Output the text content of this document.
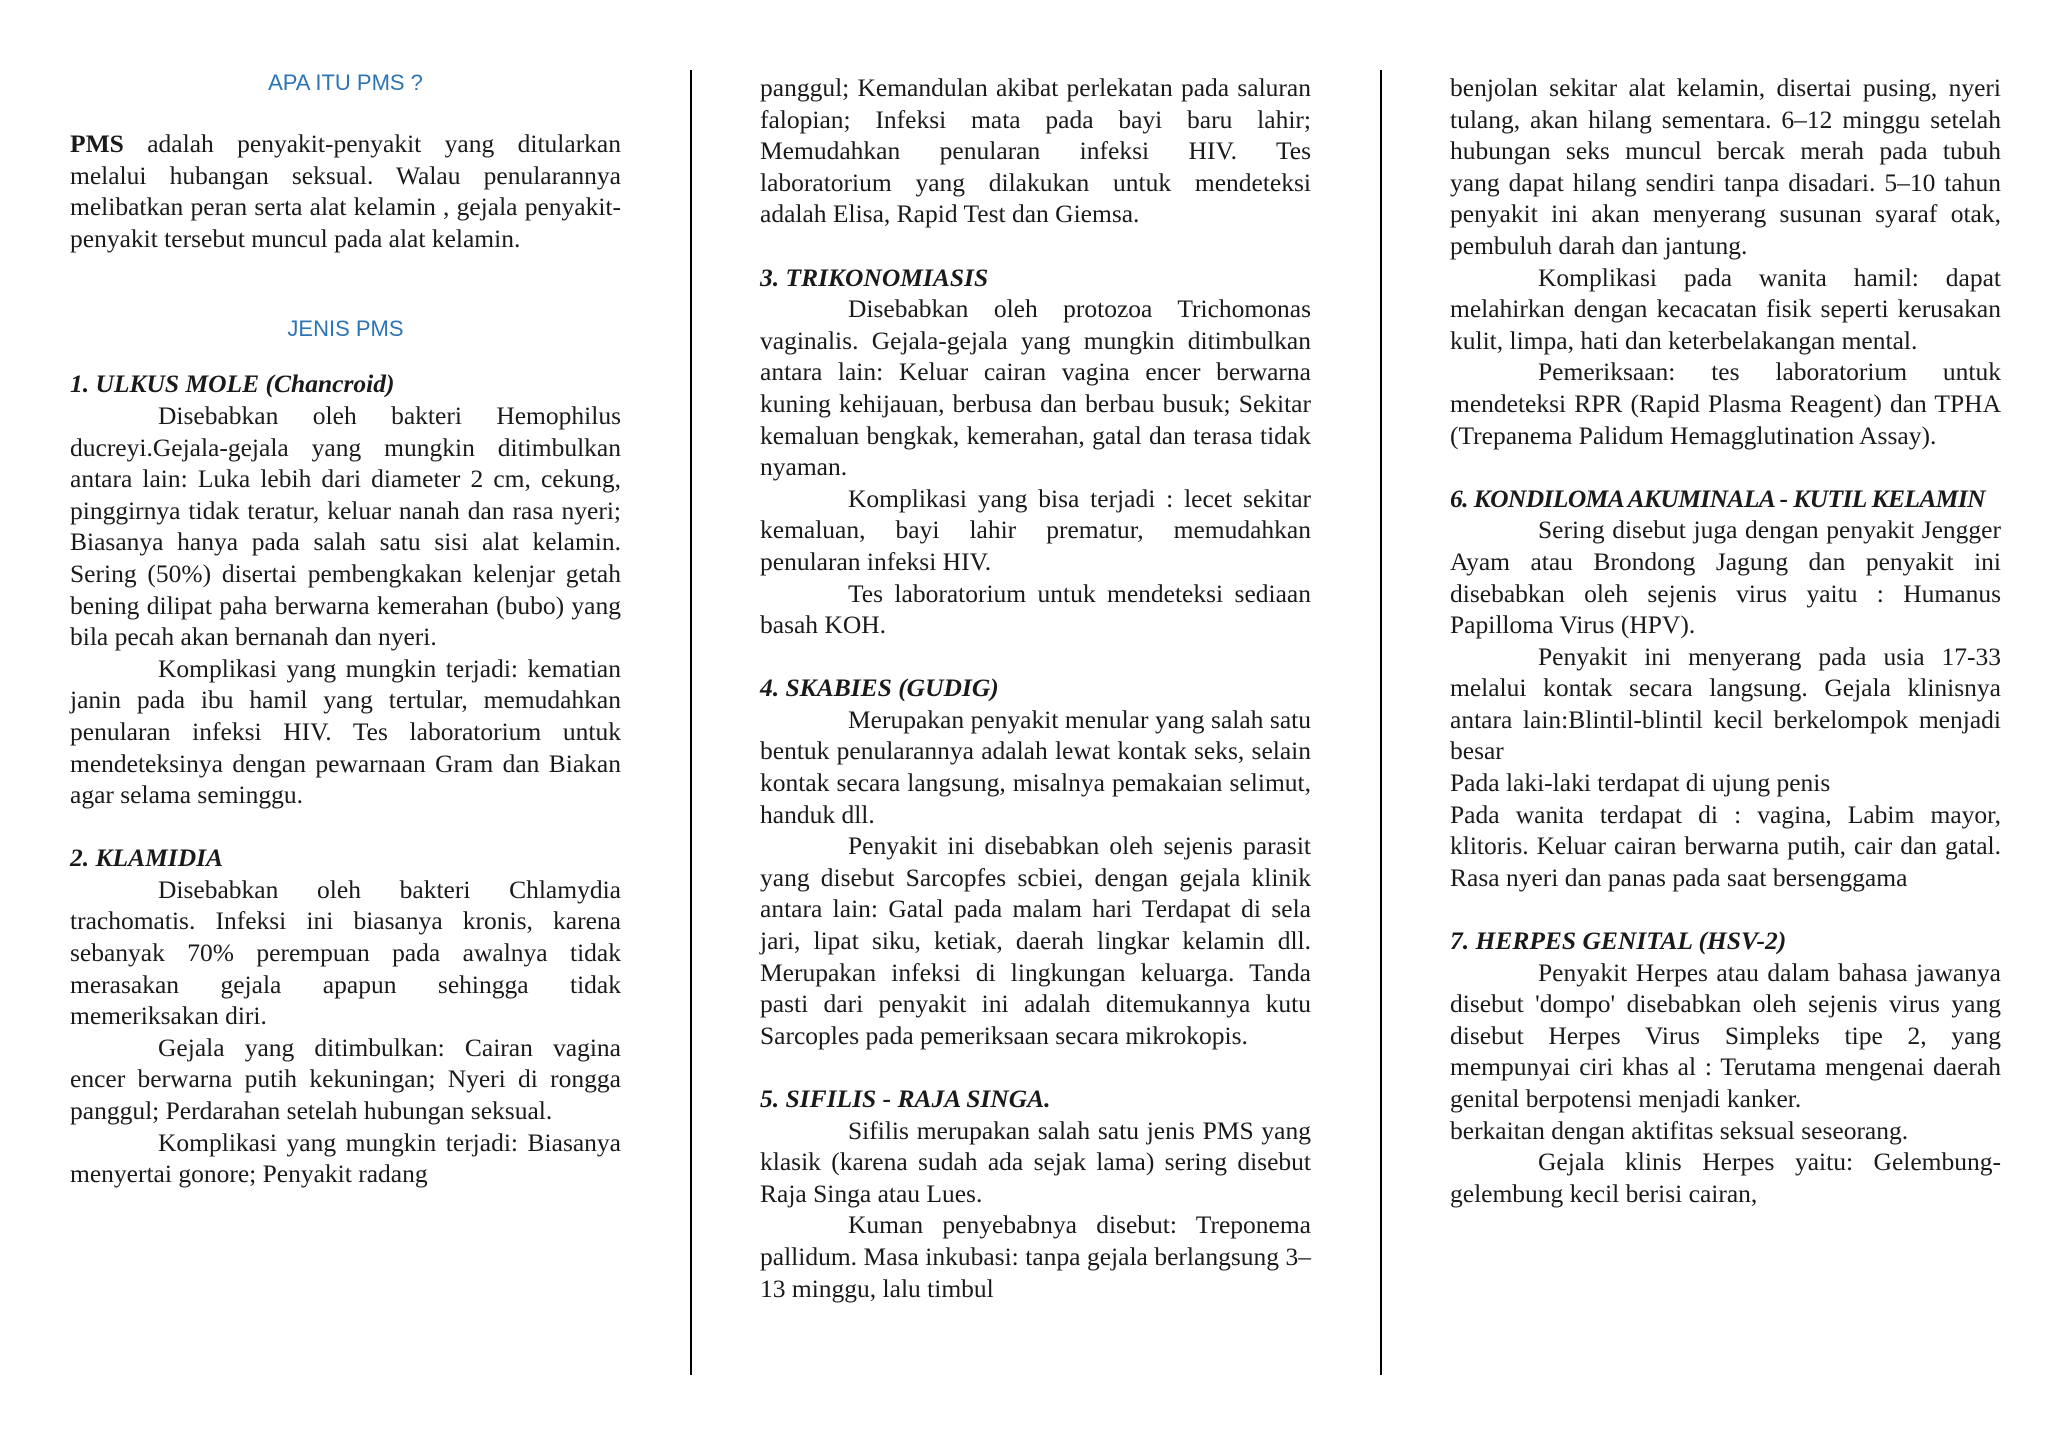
APA ITU PMS ?

PMS adalah penyakit-penyakit yang ditularkan melalui hubangan seksual. Walau penularannya melibatkan peran serta alat kelamin , gejala penyakit-penyakit tersebut muncul pada alat kelamin.

JENIS PMS

1. ULKUS MOLE (Chancroid)

Disebabkan oleh bakteri Hemophilus ducreyi.Gejala-gejala yang mungkin ditimbulkan antara lain: Luka lebih dari diameter 2 cm, cekung, pinggirnya tidak teratur, keluar nanah dan rasa nyeri; Biasanya hanya pada salah satu sisi alat kelamin. Sering (50%) disertai pembengkakan kelenjar getah bening dilipat paha berwarna kemerahan (bubo) yang bila pecah akan bernanah dan nyeri.

Komplikasi yang mungkin terjadi: kematian janin pada ibu hamil yang tertular, memudahkan penularan infeksi HIV. Tes laboratorium untuk mendeteksinya dengan pewarnaan Gram dan Biakan agar selama seminggu.

2. KLAMIDIA

Disebabkan oleh bakteri Chlamydia trachomatis. Infeksi ini biasanya kronis, karena sebanyak 70% perempuan pada awalnya tidak merasakan gejala apapun sehingga tidak memeriksakan diri.

Gejala yang ditimbulkan: Cairan vagina encer berwarna putih kekuningan; Nyeri di rongga panggul; Perdarahan setelah hubungan seksual.

Komplikasi yang mungkin terjadi: Biasanya menyertai gonore; Penyakit radang

panggul; Kemandulan akibat perlekatan pada saluran falopian; Infeksi mata pada bayi baru lahir; Memudahkan penularan infeksi HIV. Tes laboratorium yang dilakukan untuk mendeteksi adalah Elisa, Rapid Test dan Giemsa.

3. TRIKONOMIASIS

Disebabkan oleh protozoa Trichomonas vaginalis. Gejala-gejala yang mungkin ditimbulkan antara lain: Keluar cairan vagina encer berwarna kuning kehijauan, berbusa dan berbau busuk; Sekitar kemaluan bengkak, kemerahan, gatal dan terasa tidak nyaman.

Komplikasi yang bisa terjadi : lecet sekitar kemaluan, bayi lahir prematur, memudahkan penularan infeksi HIV.

Tes laboratorium untuk mendeteksi sediaan basah KOH.

4. SKABIES (GUDIG)

Merupakan penyakit menular yang salah satu bentuk penularannya adalah lewat kontak seks, selain kontak secara langsung, misalnya pemakaian selimut, handuk dll.

Penyakit ini disebabkan oleh sejenis parasit yang disebut Sarcopfes scbiei, dengan gejala klinik antara lain: Gatal pada malam hari Terdapat di sela jari, lipat siku, ketiak, daerah lingkar kelamin dll. Merupakan infeksi di lingkungan keluarga. Tanda pasti dari penyakit ini adalah ditemukannya kutu Sarcoples pada pemeriksaan secara mikrokopis.

5. SIFILIS - RAJA SINGA.

Sifilis merupakan salah satu jenis PMS yang klasik (karena sudah ada sejak lama) sering disebut Raja Singa atau Lues.

Kuman penyebabnya disebut: Treponema pallidum. Masa inkubasi: tanpa gejala berlangsung 3–13 minggu, lalu timbul

benjolan sekitar alat kelamin, disertai pusing, nyeri tulang, akan hilang sementara. 6–12 minggu setelah hubungan seks muncul bercak merah pada tubuh yang dapat hilang sendiri tanpa disadari. 5–10 tahun penyakit ini akan menyerang susunan syaraf otak, pembuluh darah dan jantung.

Komplikasi pada wanita hamil: dapat melahirkan dengan kecacatan fisik seperti kerusakan kulit, limpa, hati dan keterbelakangan mental.

Pemeriksaan: tes laboratorium untuk mendeteksi RPR (Rapid Plasma Reagent) dan TPHA (Trepanema Palidum Hemagglutination Assay).

6. KONDILOMA AKUMINALA - KUTIL KELAMIN

Sering disebut juga dengan penyakit Jengger Ayam atau Brondong Jagung dan penyakit ini disebabkan oleh sejenis virus yaitu : Humanus Papilloma Virus (HPV).

Penyakit ini menyerang pada usia 17-33 melalui kontak secara langsung. Gejala klinisnya antara lain:Blintil-blintil kecil berkelompok menjadi besar

Pada laki-laki terdapat di ujung penis

Pada wanita terdapat di : vagina, Labim mayor, klitoris. Keluar cairan berwarna putih, cair dan gatal. Rasa nyeri dan panas pada saat bersenggama

7. HERPES GENITAL (HSV-2)

Penyakit Herpes atau dalam bahasa jawanya disebut 'dompo' disebabkan oleh sejenis virus yang disebut Herpes Virus Simpleks tipe 2, yang mempunyai ciri khas al : Terutama mengenai daerah genital berpotensi menjadi kanker.

berkaitan dengan aktifitas seksual seseorang.

Gejala klinis Herpes yaitu: Gelembung-gelembung kecil berisi cairan,
